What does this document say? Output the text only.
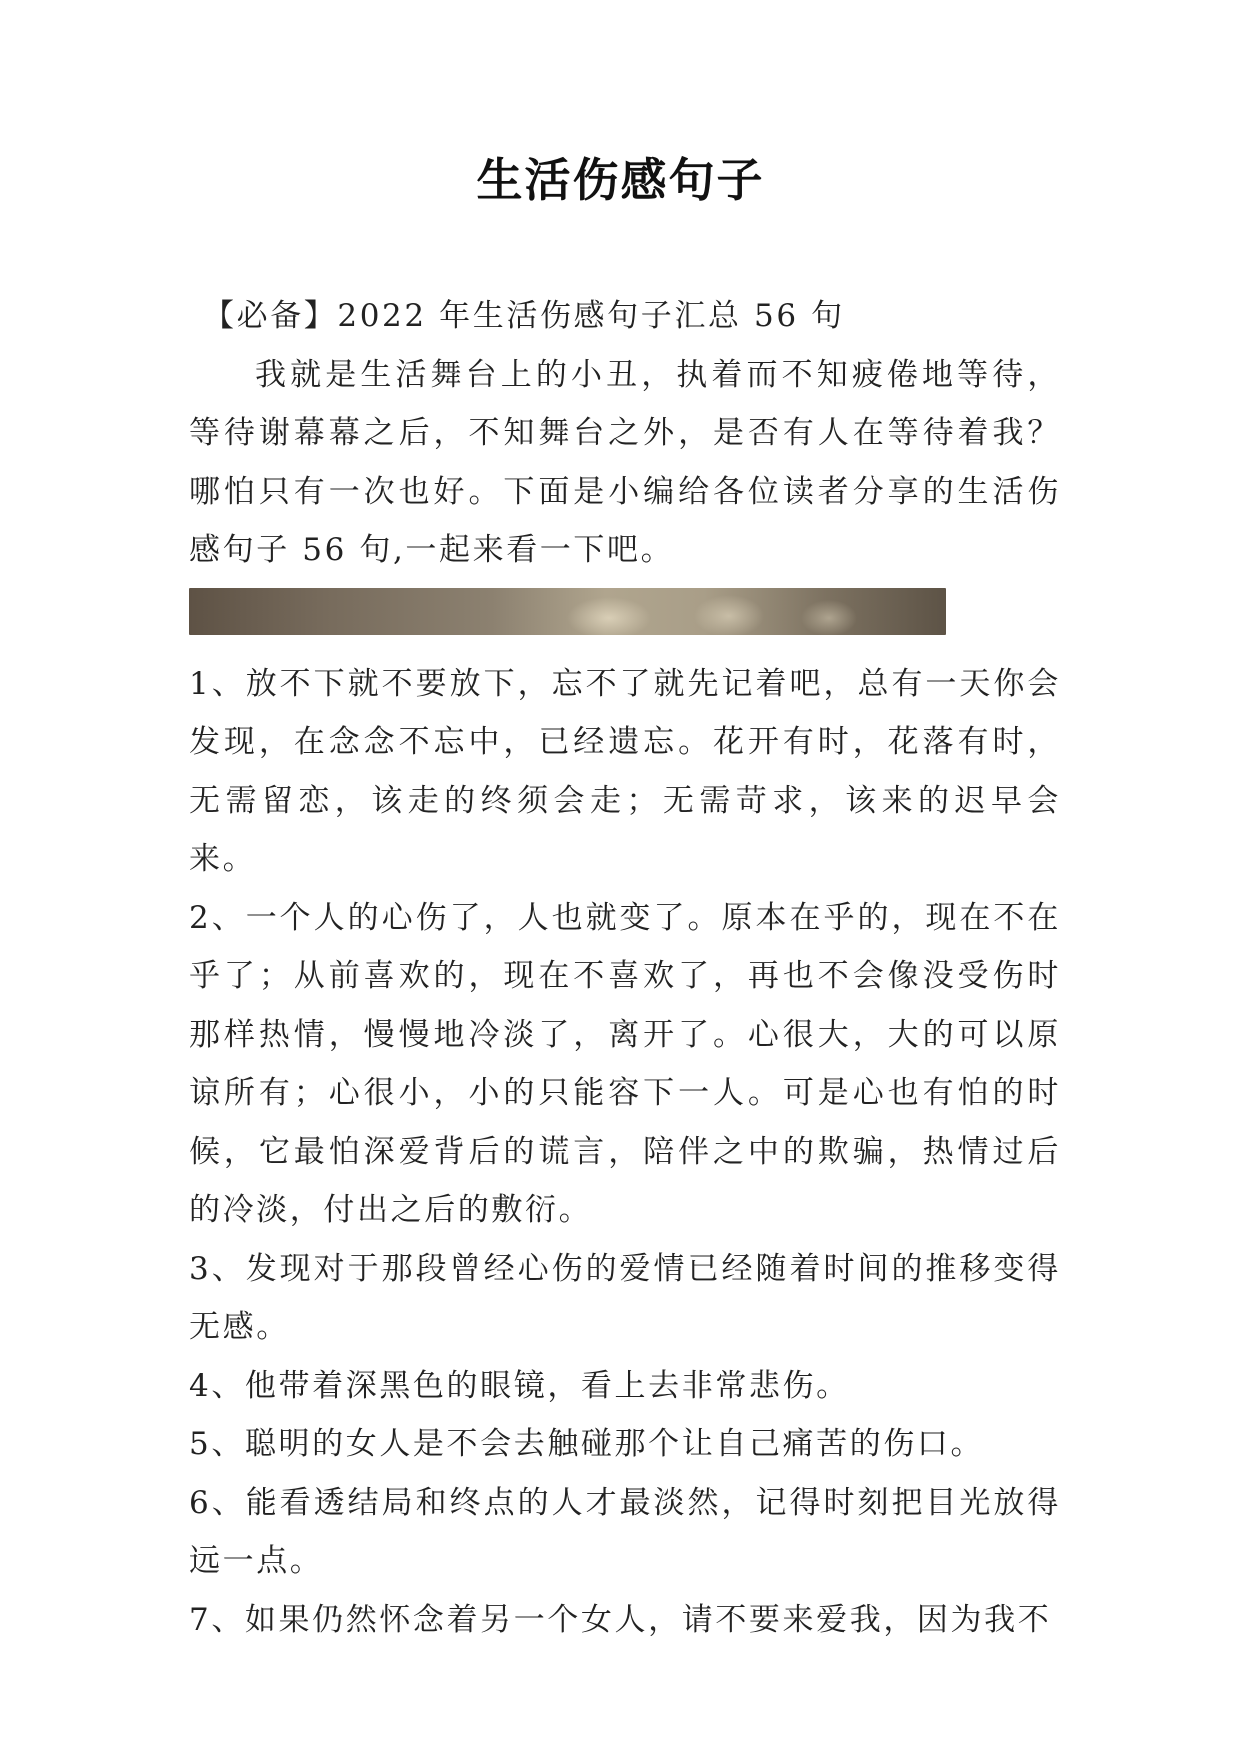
生活伤感句子

【必备】2022 年生活伤感句子汇总 56 句

我就是生活舞台上的小丑，执着而不知疲倦地等待，等待谢幕幕之后，不知舞台之外，是否有人在等待着我？哪怕只有一次也好。下面是小编给各位读者分享的生活伤感句子 56 句,一起来看一下吧。

1、放不下就不要放下，忘不了就先记着吧，总有一天你会发现，在念念不忘中，已经遗忘。花开有时，花落有时，无需留恋，该走的终须会走；无需苛求，该来的迟早会来。

2、一个人的心伤了，人也就变了。原本在乎的，现在不在乎了；从前喜欢的，现在不喜欢了，再也不会像没受伤时那样热情，慢慢地冷淡了，离开了。心很大，大的可以原谅所有；心很小，小的只能容下一人。可是心也有怕的时候，它最怕深爱背后的谎言，陪伴之中的欺骗，热情过后的冷淡，付出之后的敷衍。

3、发现对于那段曾经心伤的爱情已经随着时间的推移变得无感。

4、他带着深黑色的眼镜，看上去非常悲伤。

5、聪明的女人是不会去触碰那个让自己痛苦的伤口。

6、能看透结局和终点的人才最淡然，记得时刻把目光放得远一点。

7、如果仍然怀念着另一个女人，请不要来爱我，因为我不
